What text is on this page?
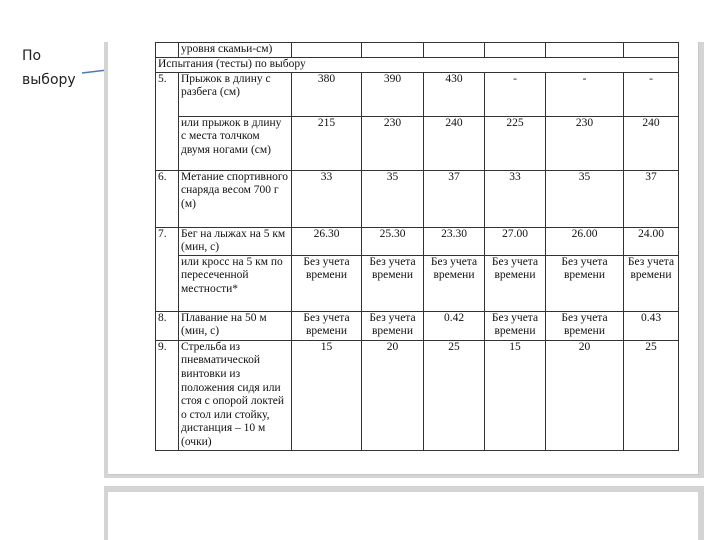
По
выбору
	уровня скамьи-см)						
Испытания (тесты) по выбору							
5.	Прыжок в длину с разбега (см)	380	390	430	-	-	-
	или прыжок в длину с места толчком двумя ногами (см)	215	230	240	225	230	240
6.	Метание спортивного снаряда весом 700 г (м)	33	35	37	33	35	37
7.	Бег на лыжах на 5 км (мин, с)	26.30	25.30	23.30	27.00	26.00	24.00
	или кросс на 5 км по пересеченной местности*	Без учета времени	Без учета времени	Без учета времени	Без учета времени	Без учета времени	Без учета времени
8.	Плавание на 50 м (мин, с)	Без учета времени	Без учета времени	0.42	Без учета времени	Без учета времени	0.43
9.	Стрельба из пневматической винтовки из положения сидя или стоя с опорой локтей о стол или стойку, дистанция – 10 м (очки)	15	20	25	15	20	25
